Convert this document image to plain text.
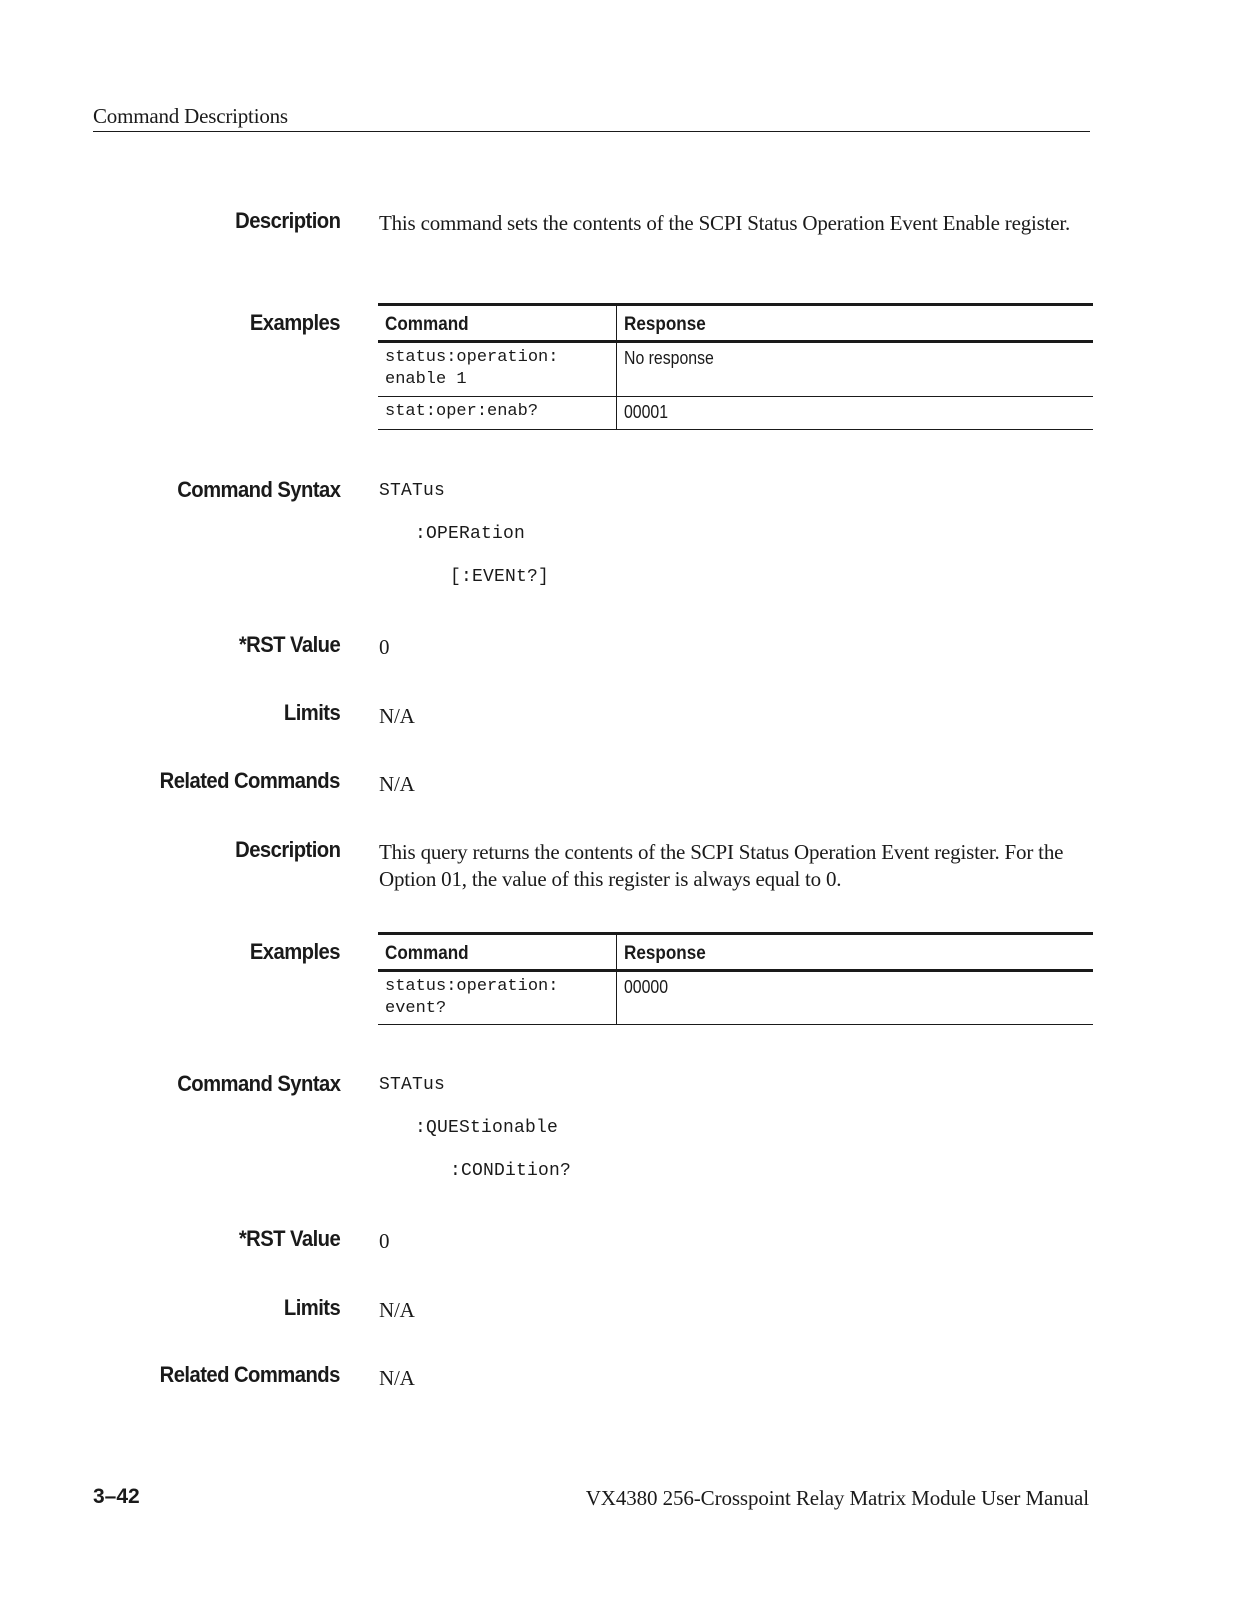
Command Descriptions
Description This command sets the contents of the SCPI Status Operation Event Enable register.
Examples Command	Response
status:operation:
enable 1	No response
stat:oper:enab?	00001
Command Syntax STATus
:OPERation
[:EVENt?]
*RST Value 0
Limits N/A
Related Commands N/A
Description This query returns the contents of the SCPI Status Operation Event register. For the Option 01, the value of this register is always equal to 0.
Examples Command	Response
status:operation:
event?	00000
Command Syntax STATus
:QUEStionable
:CONDition?
*RST Value 0
Limits N/A
Related Commands N/A
3–42	VX4380 256-Crosspoint Relay Matrix Module User Manual
